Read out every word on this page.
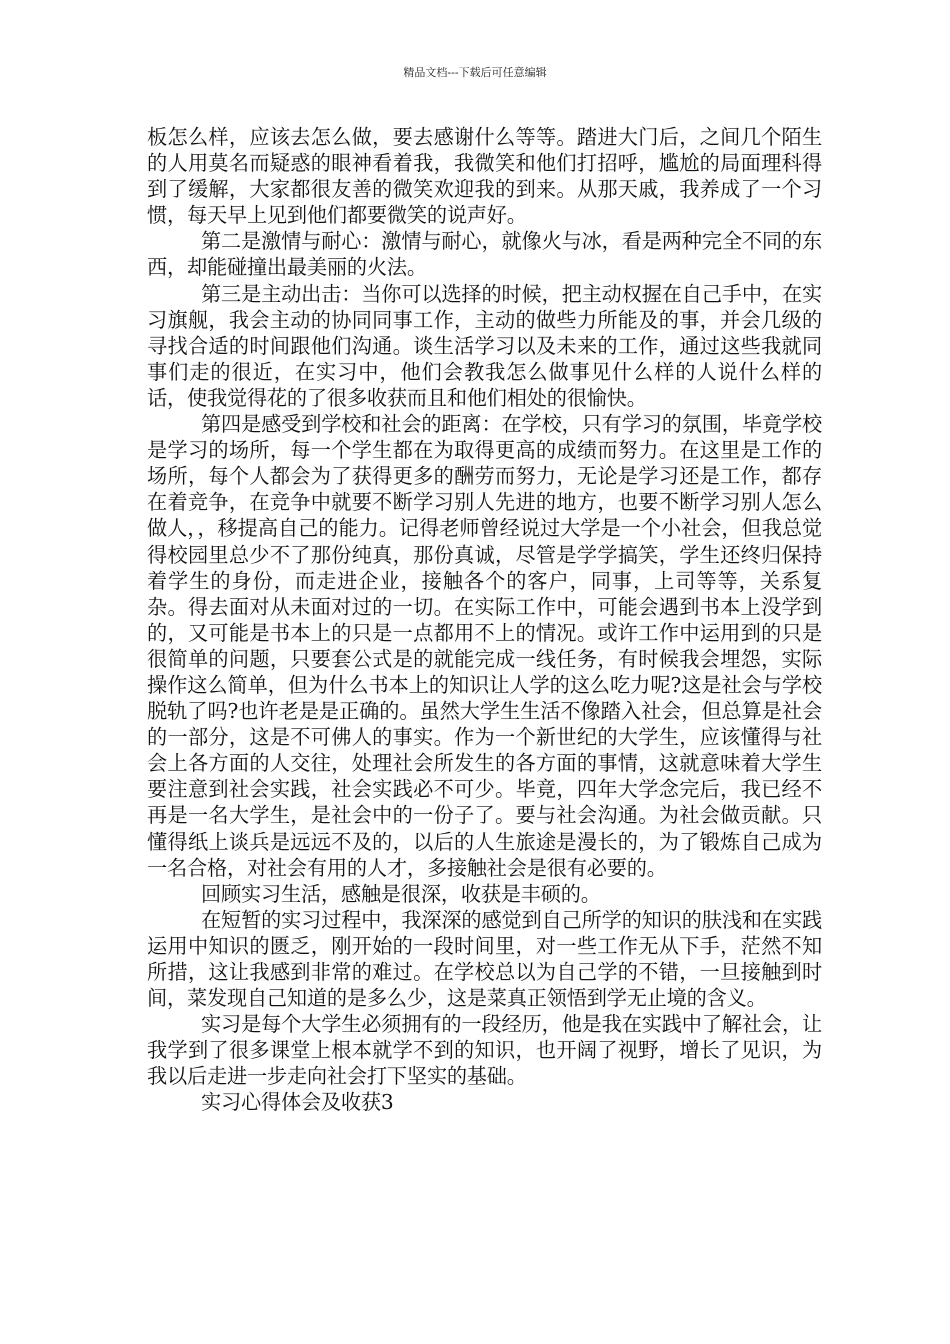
精品文档---下载后可任意编辑

板怎么样，应该去怎么做，要去感谢什么等等。踏进大门后，之间几个陌生的人用莫名而疑惑的眼神看着我，我微笑和他们打招呼，尴尬的局面理科得到了缓解，大家都很友善的微笑欢迎我的到来。从那天戚，我养成了一个习惯，每天早上见到他们都要微笑的说声好。

第二是激情与耐心：激情与耐心，就像火与冰，看是两种完全不同的东西，却能碰撞出最美丽的火法。

第三是主动出击：当你可以选择的时候，把主动权握在自己手中，在实习旗舰，我会主动的协同同事工作，主动的做些力所能及的事，并会几级的寻找合适的时间跟他们沟通。谈生活学习以及未来的工作，通过这些我就同事们走的很近，在实习中，他们会教我怎么做事见什么样的人说什么样的话，使我觉得花的了很多收获而且和他们相处的很愉快。

第四是感受到学校和社会的距离：在学校，只有学习的氛围，毕竟学校是学习的场所，每一个学生都在为取得更高的成绩而努力。在这里是工作的场所，每个人都会为了获得更多的酬劳而努力，无论是学习还是工作，都存在着竞争，在竞争中就要不断学习别人先进的地方，也要不断学习别人怎么做人，，移提高自己的能力。记得老师曾经说过大学是一个小社会，但我总觉得校园里总少不了那份纯真，那份真诚，尽管是学学搞笑，学生还终归保持着学生的身份，而走进企业，接触各个的客户，同事，上司等等，关系复杂。得去面对从未面对过的一切。在实际工作中，可能会遇到书本上没学到的，又可能是书本上的只是一点都用不上的情况。或许工作中运用到的只是很简单的问题，只要套公式是的就能完成一线任务，有时候我会埋怨，实际操作这么简单，但为什么书本上的知识让人学的这么吃力呢?这是社会与学校脱轨了吗?也许老是是正确的。虽然大学生生活不像踏入社会，但总算是社会的一部分，这是不可佛人的事实。作为一个新世纪的大学生，应该懂得与社会上各方面的人交往，处理社会所发生的各方面的事情，这就意味着大学生要注意到社会实践，社会实践必不可少。毕竟，四年大学念完后，我已经不再是一名大学生，是社会中的一份子了。要与社会沟通。为社会做贡献。只懂得纸上谈兵是远远不及的，以后的人生旅途是漫长的，为了锻炼自己成为一名合格，对社会有用的人才，多接触社会是很有必要的。

回顾实习生活，感触是很深，收获是丰硕的。

在短暂的实习过程中，我深深的感觉到自己所学的知识的肤浅和在实践运用中知识的匮乏，刚开始的一段时间里，对一些工作无从下手，茫然不知所措，这让我感到非常的难过。在学校总以为自己学的不错，一旦接触到时间，菜发现自己知道的是多么少，这是菜真正领悟到学无止境的含义。

实习是每个大学生必须拥有的一段经历，他是我在实践中了解社会，让我学到了很多课堂上根本就学不到的知识，也开阔了视野，增长了见识，为我以后走进一步走向社会打下坚实的基础。

实习心得体会及收获3
